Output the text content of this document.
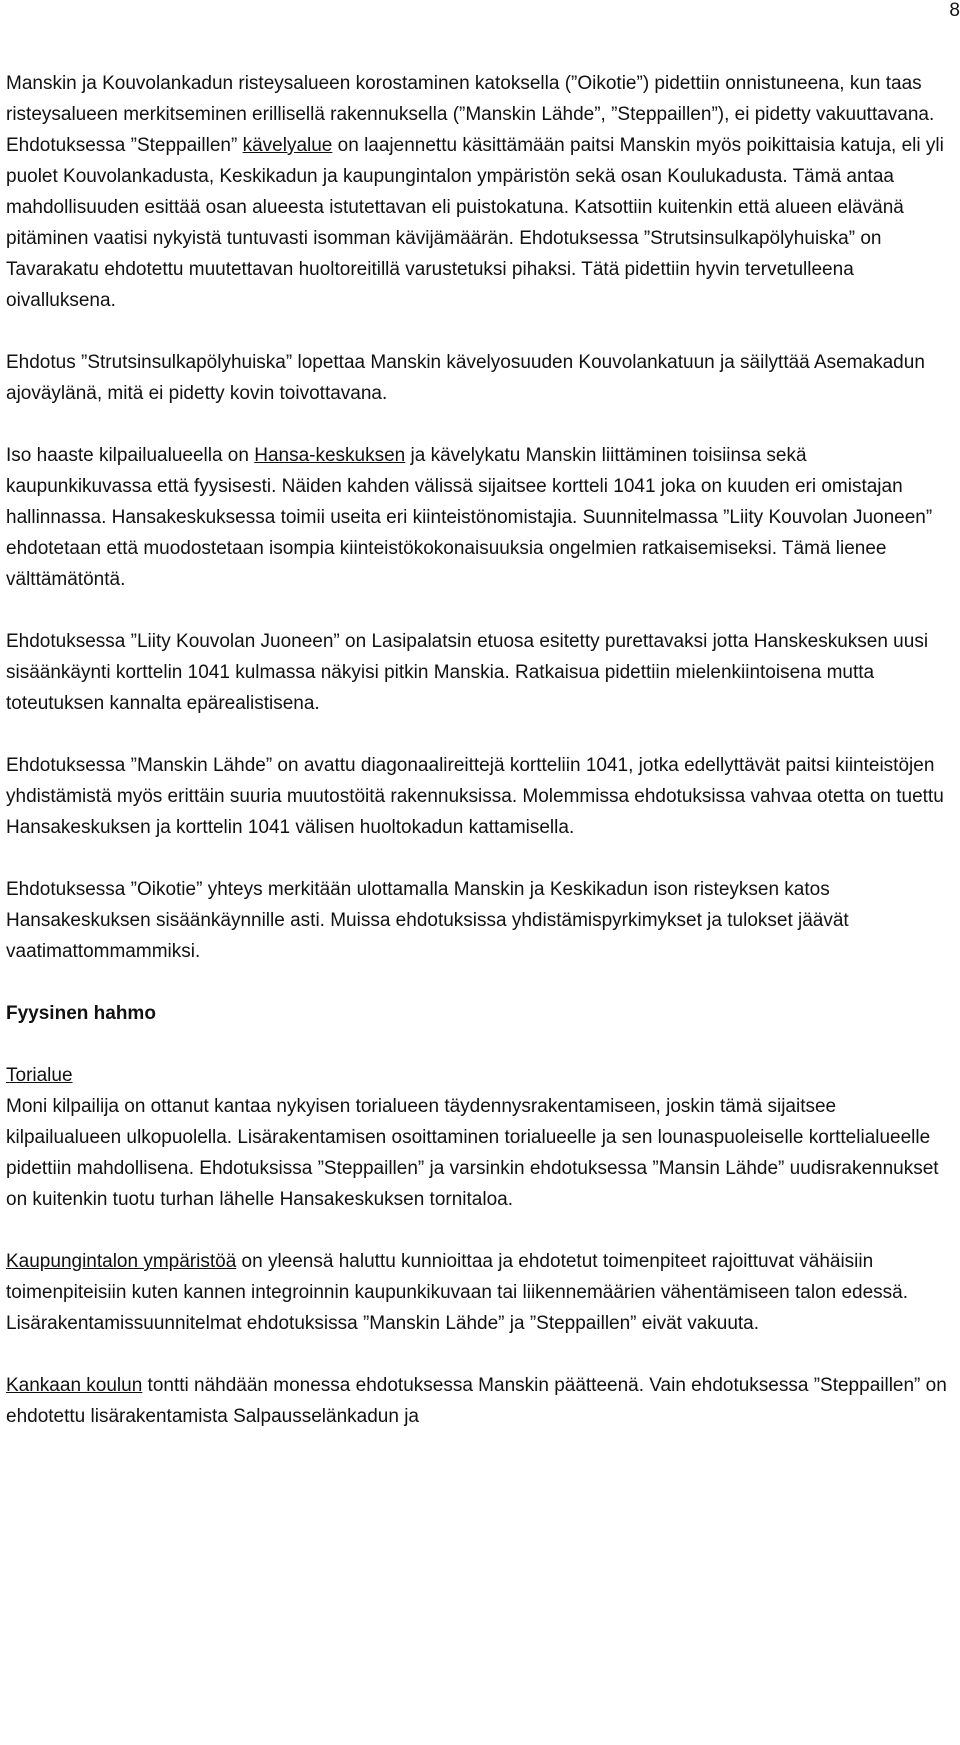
8

Manskin ja Kouvolankadun risteysalueen korostaminen katoksella (”Oikotie”) pidettiin onnistuneena, kun taas risteysalueen merkitseminen erillisellä rakennuksella (”Manskin Lähde”, ”Steppaillen”), ei pidetty vakuuttavana. Ehdotuksessa ”Steppaillen” kävelyalue on laajennettu käsittämään paitsi Manskin myös poikittaisia katuja, eli yli puolet Kouvolankadusta, Keskikadun ja kaupungintalon ympäristön sekä osan Koulukadusta. Tämä antaa mahdollisuuden esittää osan alueesta istutettavan eli puistokatuna. Katsottiin kuitenkin että alueen elävänä pitäminen vaatisi nykyistä tuntuvasti isomman kävijämäärän. Ehdotuksessa ”Strutsinsulkapölyhuiska” on Tavarakatu ehdotettu muutettavan huoltoreitillä varustetuksi pihaksi. Tätä pidettiin hyvin tervetulleena oivalluksena.

Ehdotus ”Strutsinsulkapölyhuiska” lopettaa Manskin kävelyosuuden Kouvolankatuun ja säilyttää Asemakadun ajoväylänä, mitä ei pidetty kovin toivottavana.

Iso haaste kilpailualueella on Hansa-keskuksen ja kävelykatu Manskin liittäminen toisiinsa sekä kaupunkikuvassa että fyysisesti. Näiden kahden välissä sijaitsee kortteli 1041 joka on kuuden eri omistajan hallinnassa. Hansakeskuksessa toimii useita eri kiinteistönomistajia. Suunnitelmassa ”Liity Kouvolan Juoneen” ehdotetaan että muodostetaan isompia kiinteistökokonaisuuksia ongelmien ratkaisemiseksi. Tämä lienee välttämätöntä.

Ehdotuksessa ”Liity Kouvolan Juoneen” on Lasipalatsin etuosa esitetty purettavaksi jotta Hanskeskuksen uusi sisäänkäynti korttelin 1041 kulmassa näkyisi pitkin Manskia. Ratkaisua pidettiin mielenkiintoisena mutta toteutuksen kannalta epärealistisena.

Ehdotuksessa ”Manskin Lähde” on avattu diagonaalireittejä kortteliin 1041, jotka edellyttävät paitsi kiinteistöjen yhdistämistä myös erittäin suuria muutostöitä rakennuksissa. Molemmissa ehdotuksissa vahvaa otetta on tuettu Hansakeskuksen ja korttelin 1041 välisen huoltokadun kattamisella.

Ehdotuksessa ”Oikotie” yhteys merkitään ulottamalla Manskin ja Keskikadun ison risteyksen katos Hansakeskuksen sisäänkäynnille asti. Muissa ehdotuksissa yhdistämispyrkimykset ja tulokset jäävät vaatimattommammiksi.

Fyysinen hahmo

Torialue
Moni kilpailija on ottanut kantaa nykyisen torialueen täydennysrakentamiseen, joskin tämä sijaitsee kilpailualueen ulkopuolella. Lisärakentamisen osoittaminen torialueelle ja sen lounaspuoleiselle korttelialueelle pidettiin mahdollisena. Ehdotuksissa ”Steppaillen” ja varsinkin ehdotuksessa ”Mansin Lähde” uudisrakennukset on kuitenkin tuotu turhan lähelle Hansakeskuksen tornitaloa.

Kaupungintalon ympäristöä on yleensä haluttu kunnioittaa ja ehdotetut toimenpiteet rajoittuvat vähäisiin toimenpiteisiin kuten kannen integroinnin kaupunkikuvaan tai liikennemäärien vähentämiseen talon edessä. Lisärakentamissuunnitelmat ehdotuksissa ”Manskin Lähde” ja ”Steppaillen” eivät vakuuta.

Kankaan koulun tontti nähdään monessa ehdotuksessa Manskin päätteenä. Vain ehdotuksessa ”Steppaillen” on ehdotettu lisärakentamista Salpausselänkadun ja
